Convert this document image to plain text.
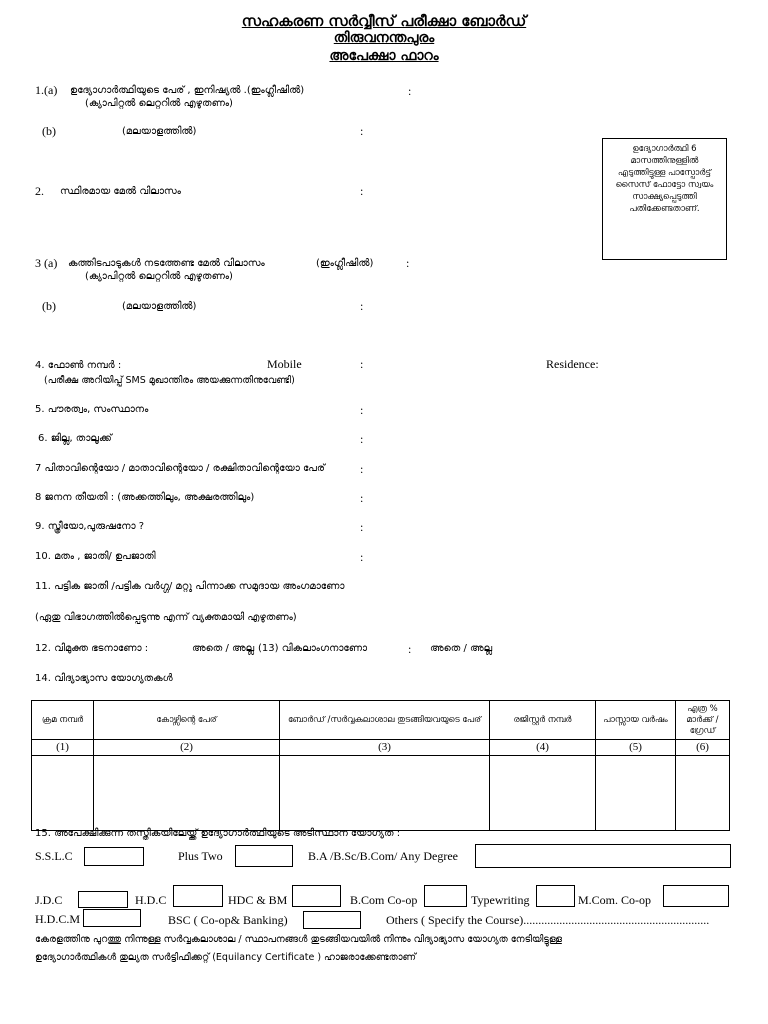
സഹകരണ സർവ്വീസ് പരീക്ഷാ ബോർഡ്
തിരുവനന്തപുരം
അപേക്ഷാ ഫാറം
ഉദ്യോഗാർത്ഥി 6 മാസത്തിനുള്ളിൽ എടുത്തിട്ടുള്ള പാസ്പോർട്ട് സൈസ് ഫോട്ടോ സ്വയം സാക്ഷ്യപ്പെടുത്തി പതിക്കേണ്ടതാണ്.
1.(a) ഉദ്യോഗാർത്ഥിയുടെ പേര് , ഇനിഷ്യൽ .(ഇംഗ്ലീഷിൽ)	:
(ക്യാപിറ്റൽ ലെറ്ററിൽ എഴുതണം)
(b)	(മലയാളത്തിൽ)	:
2. സ്ഥിരമായ മേൽ വിലാസം	:
3 (a) കത്തിടപാടുകൾ നടത്തേണ്ട മേൽ വിലാസം	(ഇംഗ്ലീഷിൽ)	:
(ക്യാപിറ്റൽ ലെറ്ററിൽ എഴുതണം)
(b)	(മലയാളത്തിൽ)	:
4. ഫോൺ നമ്പർ :	Mobile	:	Residence:
(പരീക്ഷ അറിയിപ്പ് SMS മുഖാന്തിരം അയക്കുന്നതിനുവേണ്ടി)
5. പൗരത്വം, സംസ്ഥാനം	:
6. ജില്ല, താലൂക്ക്	:
7 പിതാവിന്റെയോ / മാതാവിന്റെയോ / രക്ഷിതാവിന്റെയോ പേര്	:
8 ജനന തീയതി : (അക്കത്തിലും, അക്ഷരത്തിലും)	:
9. സ്ത്രീയോ,പുരുഷനോ ?	:
10. മതം , ജാതി/ ഉപജാതി	:
11. പട്ടിക ജാതി /പട്ടിക വർഗ്ഗ/ മറ്റു പിന്നാക്ക സമുദായ അംഗമാണോ
(ഏതു വിഭാഗത്തിൽപ്പെടുന്നു എന്ന് വ്യക്തമായി എഴുതണം)
12. വിമുക്ത ഭടനാണോ :	അതെ / അല്ല (13) വികലാംഗനാണോ	: അതെ / അല്ല
14. വിദ്യാഭ്യാസ യോഗ്യതകൾ
ക്രമ നമ്പർ	കോഴ്സിന്റെ പേര്	ബോർഡ് /സർവ്വകലാശാല തുടങ്ങിയവയുടെ പേര്	രജിസ്റ്റർ നമ്പർ	പാസ്സായ വർഷം	എത്ര % മാർക്ക് / ഗ്രേഡ്
(1)	(2)	(3)	(4)	(5)	(6)

15. അപേക്ഷിക്കുന്ന തസ്തികയിലേയ്ക്ക് ഉദ്യോഗാർത്ഥിയുടെ അടിസ്ഥാന യോഗ്യത :
S.S.L.C	Plus Two	B.A /B.Sc/B.Com/ Any Degree
J.D.C	H.D.C	HDC & BM	B.Com Co-op	Typewriting	M.Com. Co-op
H.D.C.M	BSC ( Co-op& Banking)	Others ( Specify the Course)..............................................................
കേരളത്തിനു പുറത്തു നിന്നുള്ള സർവ്വകലാശാല / സ്ഥാപനങ്ങൾ തുടങ്ങിയവയിൽ നിന്നും വിദ്യാഭ്യാസ യോഗ്യത നേടിയിട്ടുള്ള
ഉദ്യോഗാർത്ഥികൾ തുല്യത സർട്ടിഫിക്കറ്റ് (Equilancy Certificate ) ഹാജരാക്കേണ്ടതാണ്
